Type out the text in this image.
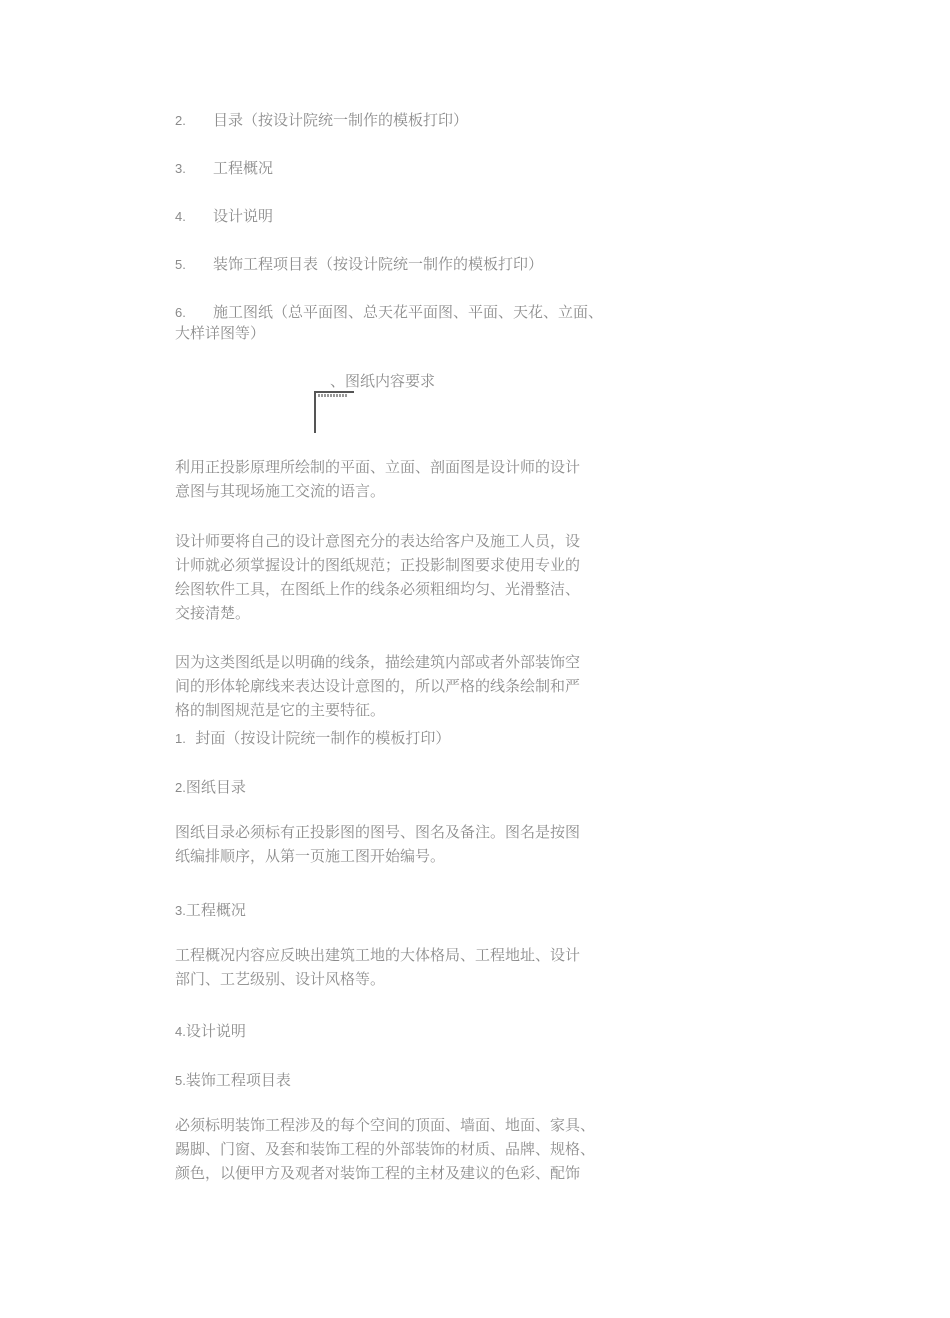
2. 目录（按设计院统一制作的模板打印）
3. 工程概况
4. 设计说明
5. 装饰工程项目表（按设计院统一制作的模板打印）
6. 施工图纸（总平面图、总天花平面图、平面、天花、立面、
大样详图等）
、图纸内容要求
利用正投影原理所绘制的平面、立面、剖面图是设计师的设计
意图与其现场施工交流的语言。
设计师要将自己的设计意图充分的表达给客户及施工人员，设
计师就必须掌握设计的图纸规范；正投影制图要求使用专业的
绘图软件工具，在图纸上作的线条必须粗细均匀、光滑整洁、
交接清楚。
因为这类图纸是以明确的线条，描绘建筑内部或者外部装饰空
间的形体轮廓线来表达设计意图的，所以严格的线条绘制和严
格的制图规范是它的主要特征。
1. 封面（按设计院统一制作的模板打印）
2.图纸目录
图纸目录必须标有正投影图的图号、图名及备注。图名是按图
纸编排顺序，从第一页施工图开始编号。
3.工程概况
工程概况内容应反映出建筑工地的大体格局、工程地址、设计
部门、工艺级别、设计风格等。
4.设计说明
5.装饰工程项目表
必须标明装饰工程涉及的每个空间的顶面、墙面、地面、家具、
踢脚、门窗、及套和装饰工程的外部装饰的材质、品牌、规格、
颜色，以便甲方及观者对装饰工程的主材及建议的色彩、配饰
